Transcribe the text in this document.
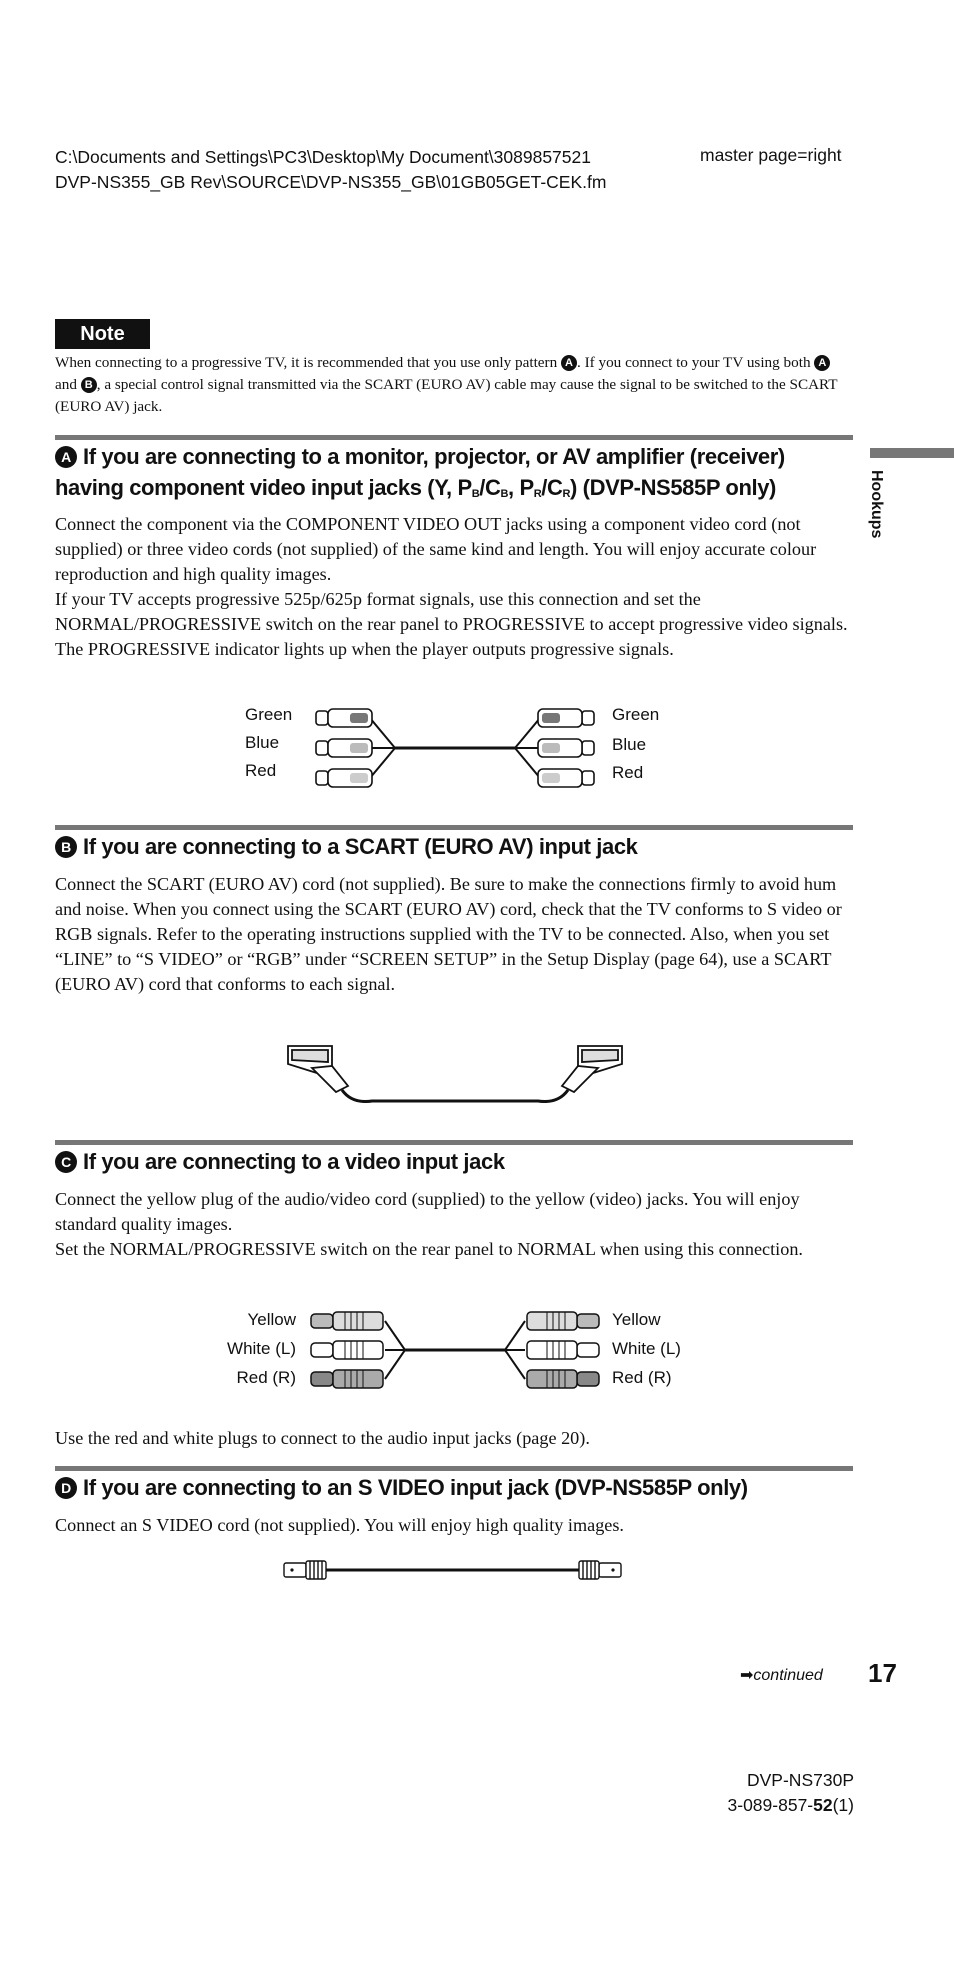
C:\Documents and Settings\PC3\Desktop\My Document\3089857521 DVP-NS355_GB Rev\SOURCE\DVP-NS355_GB\01GB05GET-CEK.fm
master page=right
Note
When connecting to a progressive TV, it is recommended that you use only pattern A . If you connect to your TV using both A and B , a special control signal transmitted via the SCART (EURO AV) cable may cause the signal to be switched to the SCART (EURO AV) jack.
Hookups
A If you are connecting to a monitor, projector, or AV amplifier (receiver) having component video input jacks (Y, $P_B/C_B$, $P_R/C_R$) (DVP-NS585P only)
Connect the component via the COMPONENT VIDEO OUT jacks using a component video cord (not supplied) or three video cords (not supplied) of the same kind and length. You will enjoy accurate colour reproduction and high quality images.
If your TV accepts progressive 525p/625p format signals, use this connection and set the NORMAL/PROGRESSIVE switch on the rear panel to PROGRESSIVE to accept progressive video signals. The PROGRESSIVE indicator lights up when the player outputs progressive signals.
Green
Blue
Red
Green
Blue
Red
B If you are connecting to a SCART (EURO AV) input jack
Connect the SCART (EURO AV) cord (not supplied). Be sure to make the connections firmly to avoid hum and noise. When you connect using the SCART (EURO AV) cord, check that the TV conforms to S video or RGB signals. Refer to the operating instructions supplied with the TV to be connected. Also, when you set “LINE” to “S VIDEO” or “RGB” under “SCREEN SETUP” in the Setup Display (page 64), use a SCART (EURO AV) cord that conforms to each signal.
C If you are connecting to a video input jack
Connect the yellow plug of the audio/video cord (supplied) to the yellow (video) jacks. You will enjoy standard quality images.
Set the NORMAL/PROGRESSIVE switch on the rear panel to NORMAL when using this connection.
Yellow
White (L)
Red (R)
Yellow
White (L)
Red (R)
Use the red and white plugs to connect to the audio input jacks (page 20).
D If you are connecting to an S VIDEO input jack (DVP-NS585P only)
Connect an S VIDEO cord (not supplied). You will enjoy high quality images.
➡continued 17
DVP-NS730P
3-089-857-52(1)
